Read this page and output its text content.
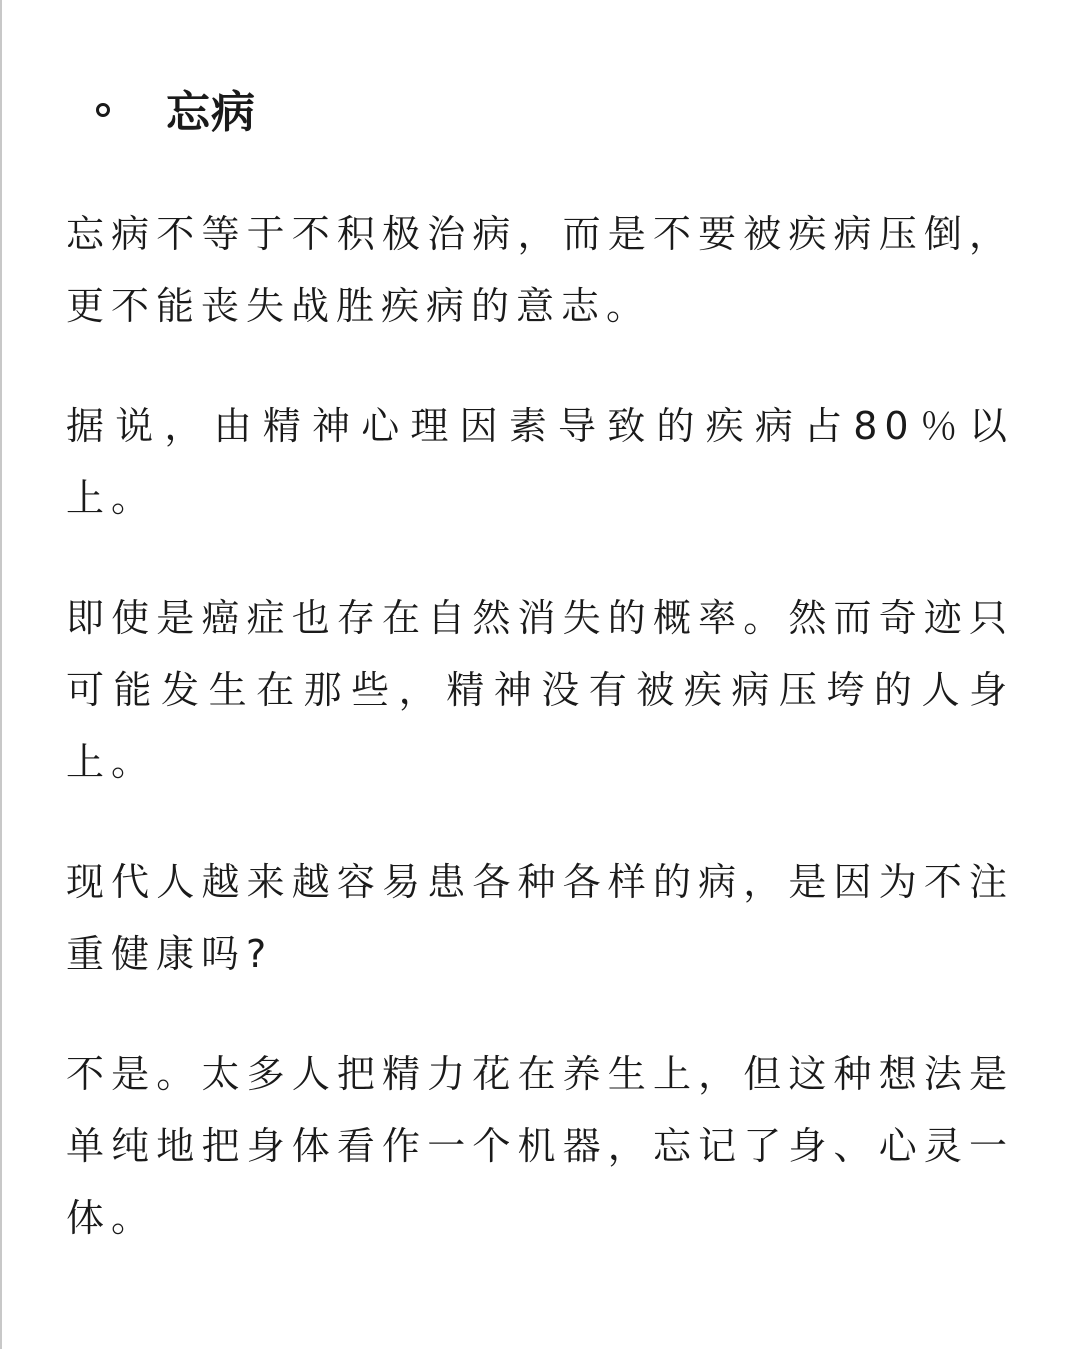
忘病

忘病不等于不积极治病，而是不要被疾病压倒，更不能丧失战胜疾病的意志。

据说，由精神心理因素导致的疾病占80％以上。

即使是癌症也存在自然消失的概率。然而奇迹只可能发生在那些，精神没有被疾病压垮的人身上。

现代人越来越容易患各种各样的病，是因为不注重健康吗?

不是。太多人把精力花在养生上，但这种想法是单纯地把身体看作一个机器，忘记了身、心灵一体。
